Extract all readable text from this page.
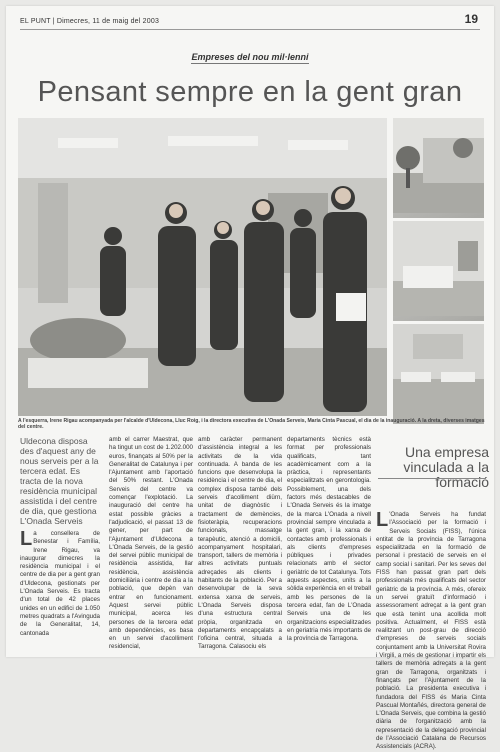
EL PUNT | Dimecres, 11 de maig del 2003	19
Empreses del nou mil·lenni
Pensant sempre en la gent gran
A l'esquerra, Irene Rigau acompanyada per l'alcalde d'Uldecona, Lluc Roig, i la directora executiva de L'Onada Serveis, Maria Cinta Pascual, el dia de la inauguració. A la dreta, diverses imatges del centre.
Uldecona disposa des d'aquest any de nous serveis per a la tercera edat. Es tracta de la nova residència municipal assistida i del centre de dia, que gestiona L'Onada Serveis
L a consellera de Benestar i Família, Irene Rigau, va inaugurar dimecres la residència municipal i el centre de dia per a gent gran d'Uldecona, gestionats per L'Onada Serveis. Es tracta d'un total de 42 places unides en un edifici de 1.050 metres quadrats a l'Avinguda de la Generalitat, 14, cantonada
amb el carrer Maestrat, que ha tingut un cost de 1.202.000 euros, finançats al 50% per la Generalitat de Catalunya i per l'Ajuntament amb l'aportació del 50% restant. L'Onada Serveis del centre va començar l'explotació. La inauguració del centre ha estat possible gràcies a l'adjudicació, el passat 13 de gener, per part de l'Ajuntament d'Uldecona a L'Onada Serveis, de la gestió del servei públic municipal de residència assistida, llar residència, assistència domiciliària i centre de dia a la població, que depèn van entrar en funcionament. Aquest servei públic municipal, acerca les persones de la tercera edat amb dependències, es basa en un servei d'acolliment residencial,
amb caràcter permanent d'assistència integral a les activitats de la vida continuada. A banda de les funcions que desenvolupa la residència i el centre de dia, el complex disposa també dels serveis d'acolliment diürn, unitat de diagnòstic i tractament de demències, fisioteràpia, recuperacions funcionals, massatge terapèutic, atenció a domicili, acompanyament hospitalari, transport, tallers de memòria i altres activitats puntuals adreçades als clients i habitants de la població. Per a desenvolupar de la seva extensa xarxa de serveis, L'Onada Serveis disposa d'una estructura central pròpia, organitzada en departaments encapçalats a l'oficina central, situada a Tarragona. Calasociu els
departaments tècnics està format per professionals qualificats, tant acadèmicament com a la pràctica, i representants especialitzats en gerontologia. Possiblement, una dels factors més destacables de L'Onada Serveis és la imatge de la marca L'Onada a nivell provincial sempre vinculada a la gent gran, i la xarxa de contactes amb professionals i als clients d'empreses públiques i privades relacionats amb el sector geriàtric de tot Catalunya. Tots aquests aspectes, units a la sòlida experiència en el treball amb les persones de la tercera edat, fan de L'Onada Serveis una de les organitzacions especialitzades en geriatria més importants de la província de Tarragona.
Una empresa vinculada a la formació
L 'Onada Serveis ha fundat l'Associació per la formació i Serveis Socials (FISS), l'única entitat de la província de Tarragona especialitzada en la formació de personal i prestació de serveis en el camp social i sanitari. Per les seves del FISS han passat gran part dels professionals més qualificats del sector geriàtric de la província. A més, ofereix un servei gratuït d'informació i assessorament adreçat a la gent gran que està tenint una acollida molt positiva. Actualment, el FISS està realitzant un post-grau de direcció d'empreses de serveis socials conjuntament amb la Universitat Rovira i Virgili, a més de gestionar i impartir els tallers de memòria adreçats a la gent gran de Tarragona, organitzats i finançats per l'Ajuntament de la població. La presidenta executiva i fundadora del FISS és Maria Cinta Pascual Montañés, directora general de L'Onada Serveis, que combina la gestió diària de l'organització amb la representació de la delegació provincial de l'Associació Catalana de Recursos Assistencials (ACRA).
